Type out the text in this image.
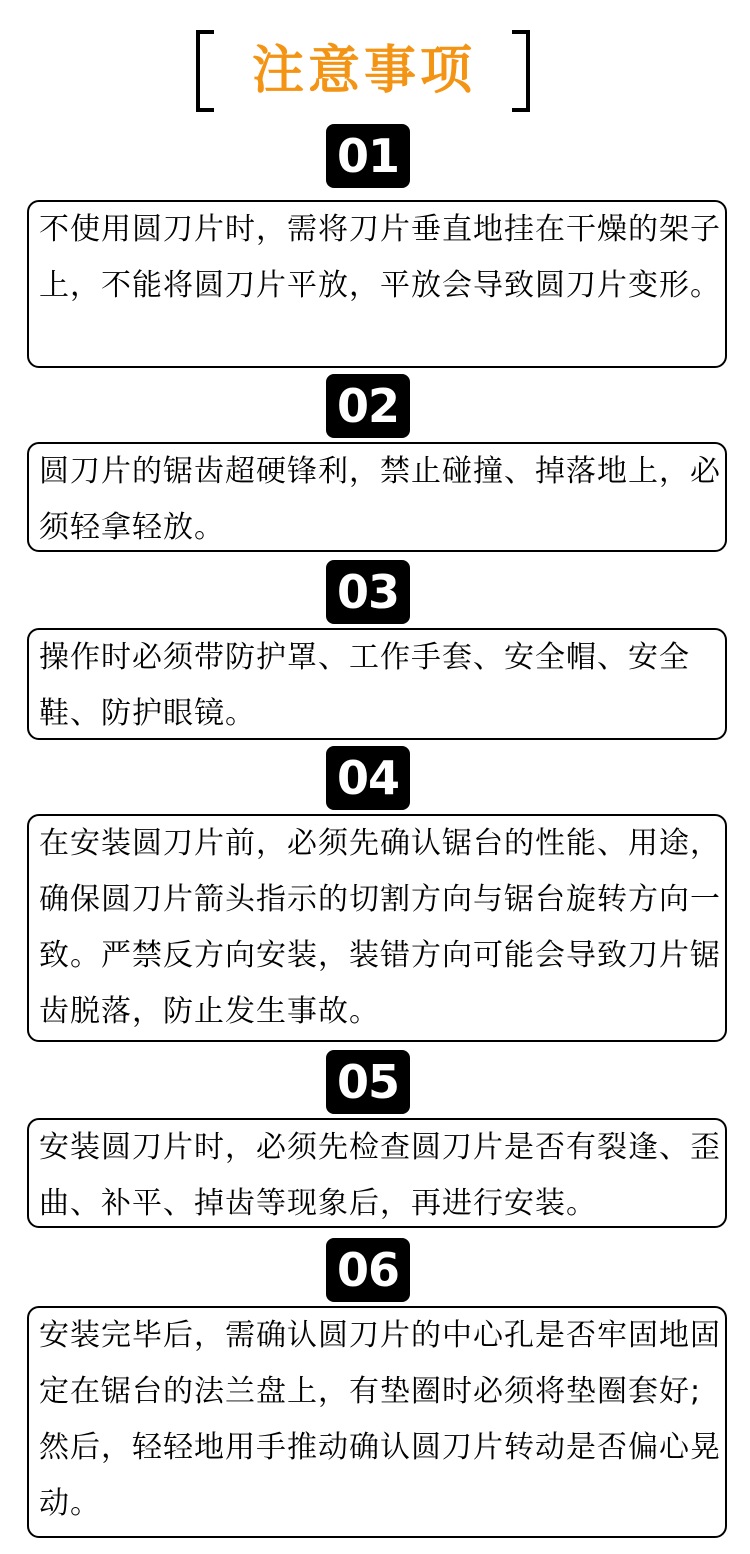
注意事项
01

不使用圆刀片时，需将刀片垂直地挂在干燥的架子上，不能将圆刀片平放，平放会导致圆刀片变形。

02

圆刀片的锯齿超硬锋利，禁止碰撞、掉落地上，必须轻拿轻放。

03

操作时必须带防护罩、工作手套、安全帽、安全鞋、防护眼镜。

04

在安装圆刀片前，必须先确认锯台的性能、用途，确保圆刀片箭头指示的切割方向与锯台旋转方向一致。严禁反方向安装，装错方向可能会导致刀片锯齿脱落，防止发生事故。

05

安装圆刀片时，必须先检查圆刀片是否有裂逢、歪曲、补平、掉齿等现象后，再进行安装。

06

安装完毕后，需确认圆刀片的中心孔是否牢固地固定在锯台的法兰盘上，有垫圈时必须将垫圈套好;然后，轻轻地用手推动确认圆刀片转动是否偏心晃动。
